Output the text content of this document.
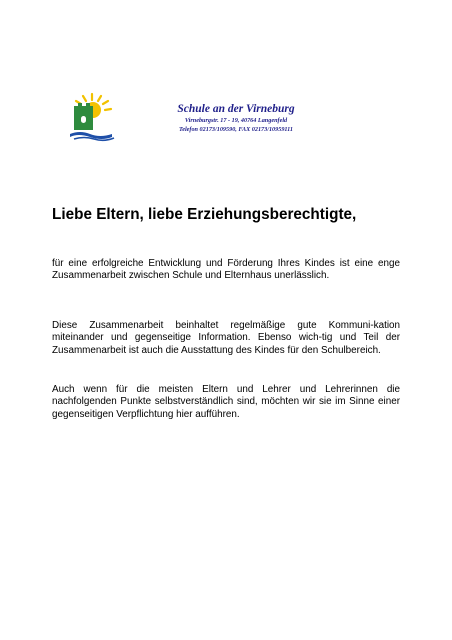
Schule an der Virneburg
Virneburgstr. 17 - 19, 40764 Langenfeld
Telefon 02173/109590, FAX 02173/10959111
Liebe Eltern, liebe Erziehungsberechtigte,

für eine erfolgreiche Entwicklung und Förderung Ihres Kindes ist eine enge Zusammenarbeit zwischen Schule und Elternhaus unerlässlich.

Diese Zusammenarbeit beinhaltet regelmäßige gute Kommuni-kation miteinander und gegenseitige Information. Ebenso wich-tig und Teil der Zusammenarbeit ist auch die Ausstattung des Kindes für den Schulbereich.

Auch wenn für die meisten Eltern und Lehrer und Lehrerinnen die nachfolgenden Punkte selbstverständlich sind, möchten wir sie im Sinne einer gegenseitigen Verpflichtung hier aufführen.
